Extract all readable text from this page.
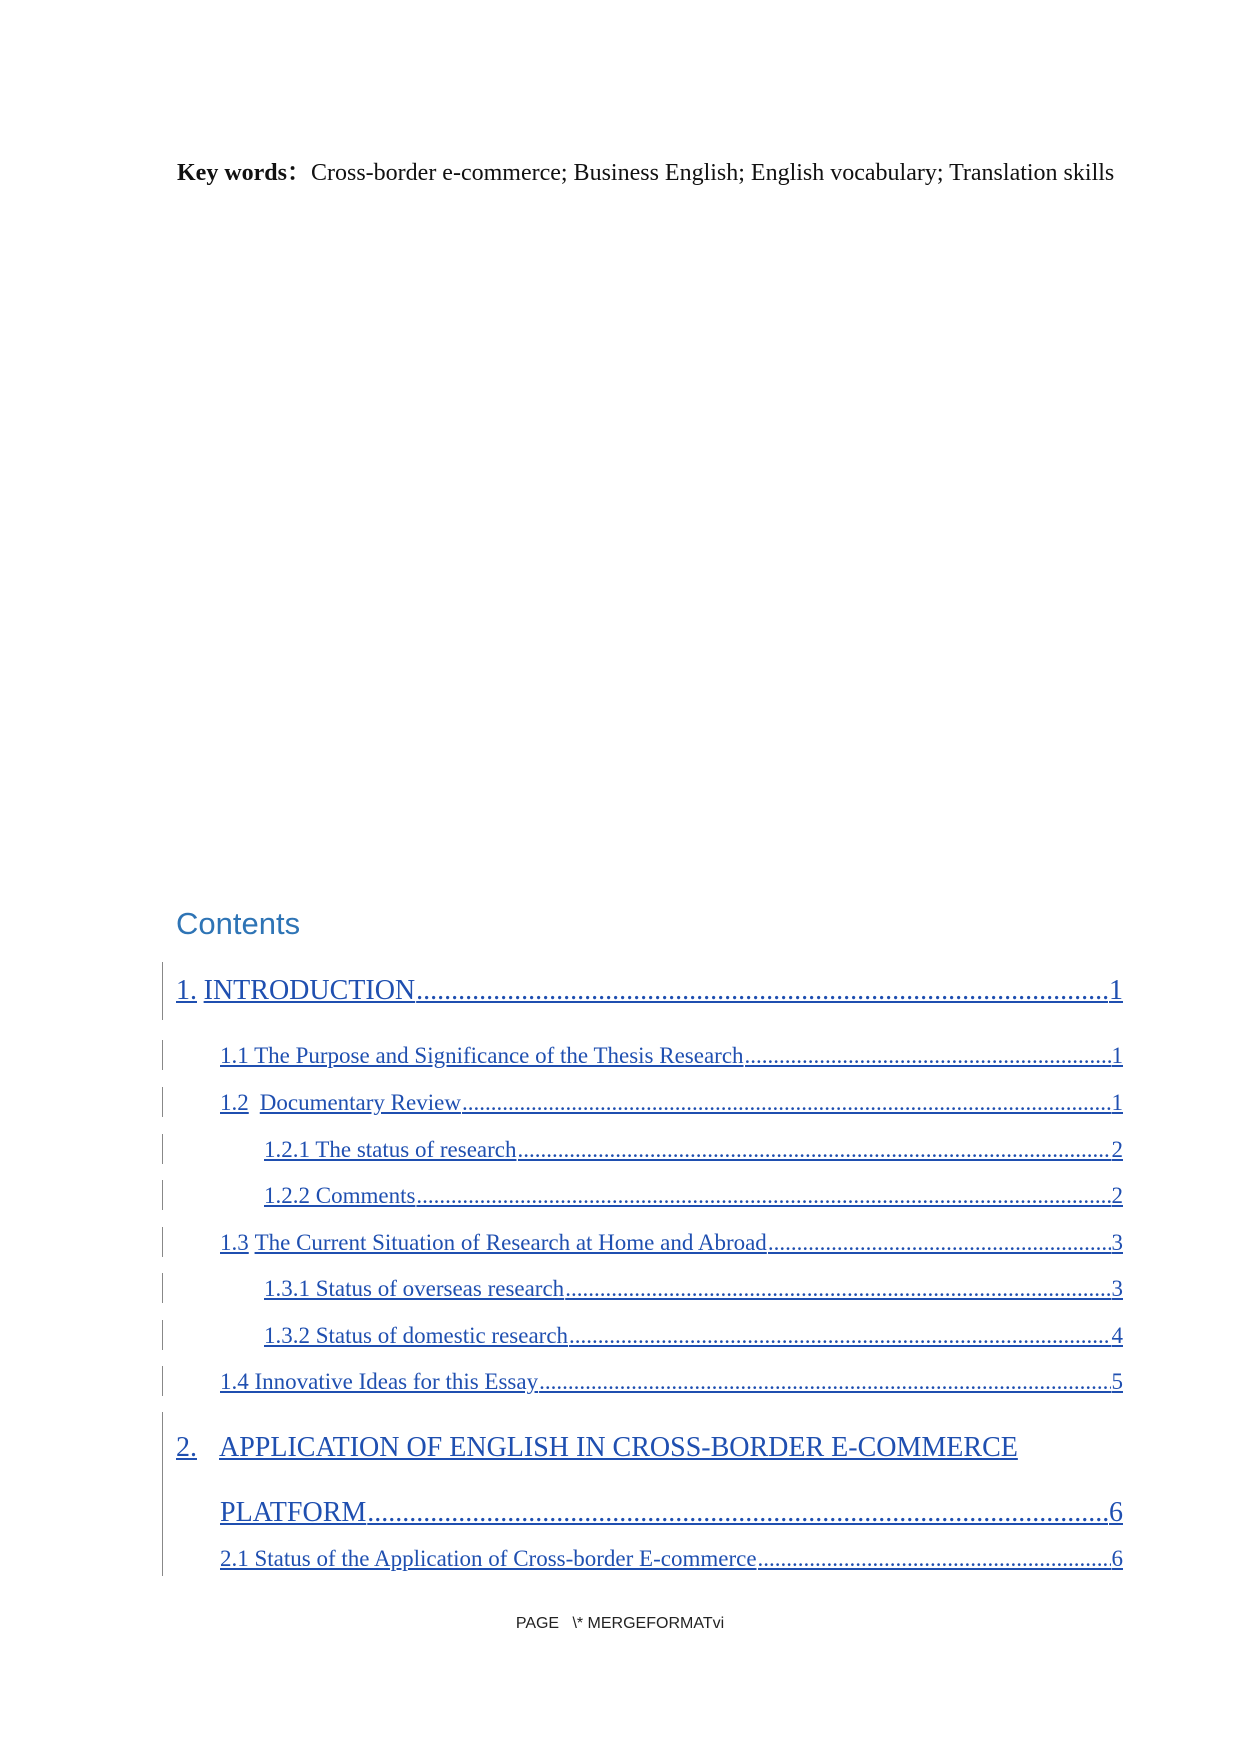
Key words：Cross-border e-commerce; Business English; English vocabulary; Translation skills
Contents
1. INTRODUCTION .....	1
1.1 The Purpose and Significance of the Thesis Research .....	1
1.2 Documentary Review .....	1
1.2.1 The status of research .....	2
1.2.2 Comments .....	2
1.3 The Current Situation of Research at Home and Abroad .....	3
1.3.1 Status of overseas research .....	3
1.3.2 Status of domestic research .....	4
1.4 Innovative Ideas for this Essay .....	5
2. APPLICATION OF ENGLISH IN CROSS-BORDER E-COMMERCE
PLATFORM .....	6
2.1 Status of the Application of Cross-border E-commerce .....	6
PAGE   \* MERGEFORMATvi
